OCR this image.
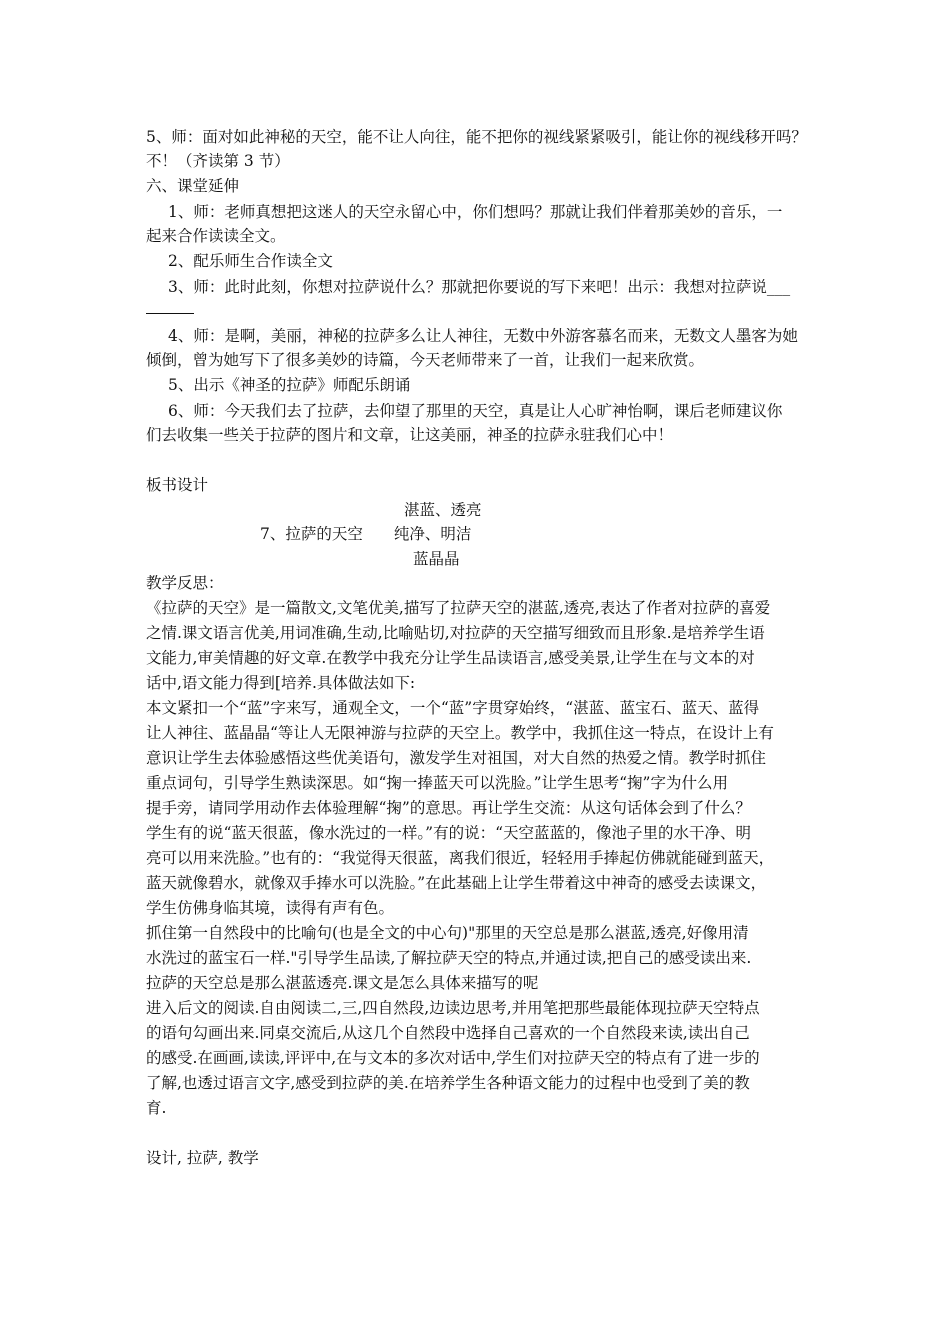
5、师：面对如此神秘的天空，能不让人向往，能不把你的视线紧紧吸引，能让你的视线移开吗？
不！（齐读第 3 节）
六、课堂延伸
1、师：老师真想把这迷人的天空永留心中，你们想吗？那就让我们伴着那美妙的音乐，一
起来合作读读全文。
2、配乐师生合作读全文
3、师：此时此刻，你想对拉萨说什么？那就把你要说的写下来吧！出示：我想对拉萨说___
4、师：是啊，美丽，神秘的拉萨多么让人神往，无数中外游客慕名而来，无数文人墨客为她
倾倒，曾为她写下了很多美妙的诗篇，今天老师带来了一首，让我们一起来欣赏。
5、出示《神圣的拉萨》师配乐朗诵
6、师：今天我们去了拉萨，去仰望了那里的天空，真是让人心旷神怡啊，课后老师建议你
们去收集一些关于拉萨的图片和文章，让这美丽，神圣的拉萨永驻我们心中！
板书设计
湛蓝、透亮
7、拉萨的天空　　纯净、明洁
蓝晶晶
教学反思：
《拉萨的天空》是一篇散文,文笔优美,描写了拉萨天空的湛蓝,透亮,表达了作者对拉萨的喜爱
之情.课文语言优美,用词准确,生动,比喻贴切,对拉萨的天空描写细致而且形象.是培养学生语
文能力,审美情趣的好文章.在教学中我充分让学生品读语言,感受美景,让学生在与文本的对
话中,语文能力得到[培养.具体做法如下:
本文紧扣一个“蓝”字来写，通观全文，一个“蓝”字贯穿始终，“湛蓝、蓝宝石、蓝天、蓝得
让人神往、蓝晶晶“等让人无限神游与拉萨的天空上。教学中，我抓住这一特点，在设计上有
意识让学生去体验感悟这些优美语句，激发学生对祖国，对大自然的热爱之情。教学时抓住
重点词句，引导学生熟读深思。如“掬一捧蓝天可以洗脸。”让学生思考“掬”字为什么用
提手旁，请同学用动作去体验理解“掬”的意思。再让学生交流：从这句话体会到了什么？
学生有的说“蓝天很蓝，像水洗过的一样。”有的说：“天空蓝蓝的，像池子里的水干净、明
亮可以用来洗脸。”也有的：“我觉得天很蓝，离我们很近，轻轻用手捧起仿佛就能碰到蓝天，
蓝天就像碧水，就像双手捧水可以洗脸。”在此基础上让学生带着这中神奇的感受去读课文，
学生仿佛身临其境，读得有声有色。
抓住第一自然段中的比喻句(也是全文的中心句)"那里的天空总是那么湛蓝,透亮,好像用清
水洗过的蓝宝石一样."引导学生品读,了解拉萨天空的特点,并通过读,把自己的感受读出来.
拉萨的天空总是那么湛蓝透亮.课文是怎么具体来描写的呢
进入后文的阅读.自由阅读二,三,四自然段,边读边思考,并用笔把那些最能体现拉萨天空特点
的语句勾画出来.同桌交流后,从这几个自然段中选择自己喜欢的一个自然段来读,读出自己
的感受.在画画,读读,评评中,在与文本的多次对话中,学生们对拉萨天空的特点有了进一步的
了解,也透过语言文字,感受到拉萨的美.在培养学生各种语文能力的过程中也受到了美的教
育.
设计, 拉萨, 教学
